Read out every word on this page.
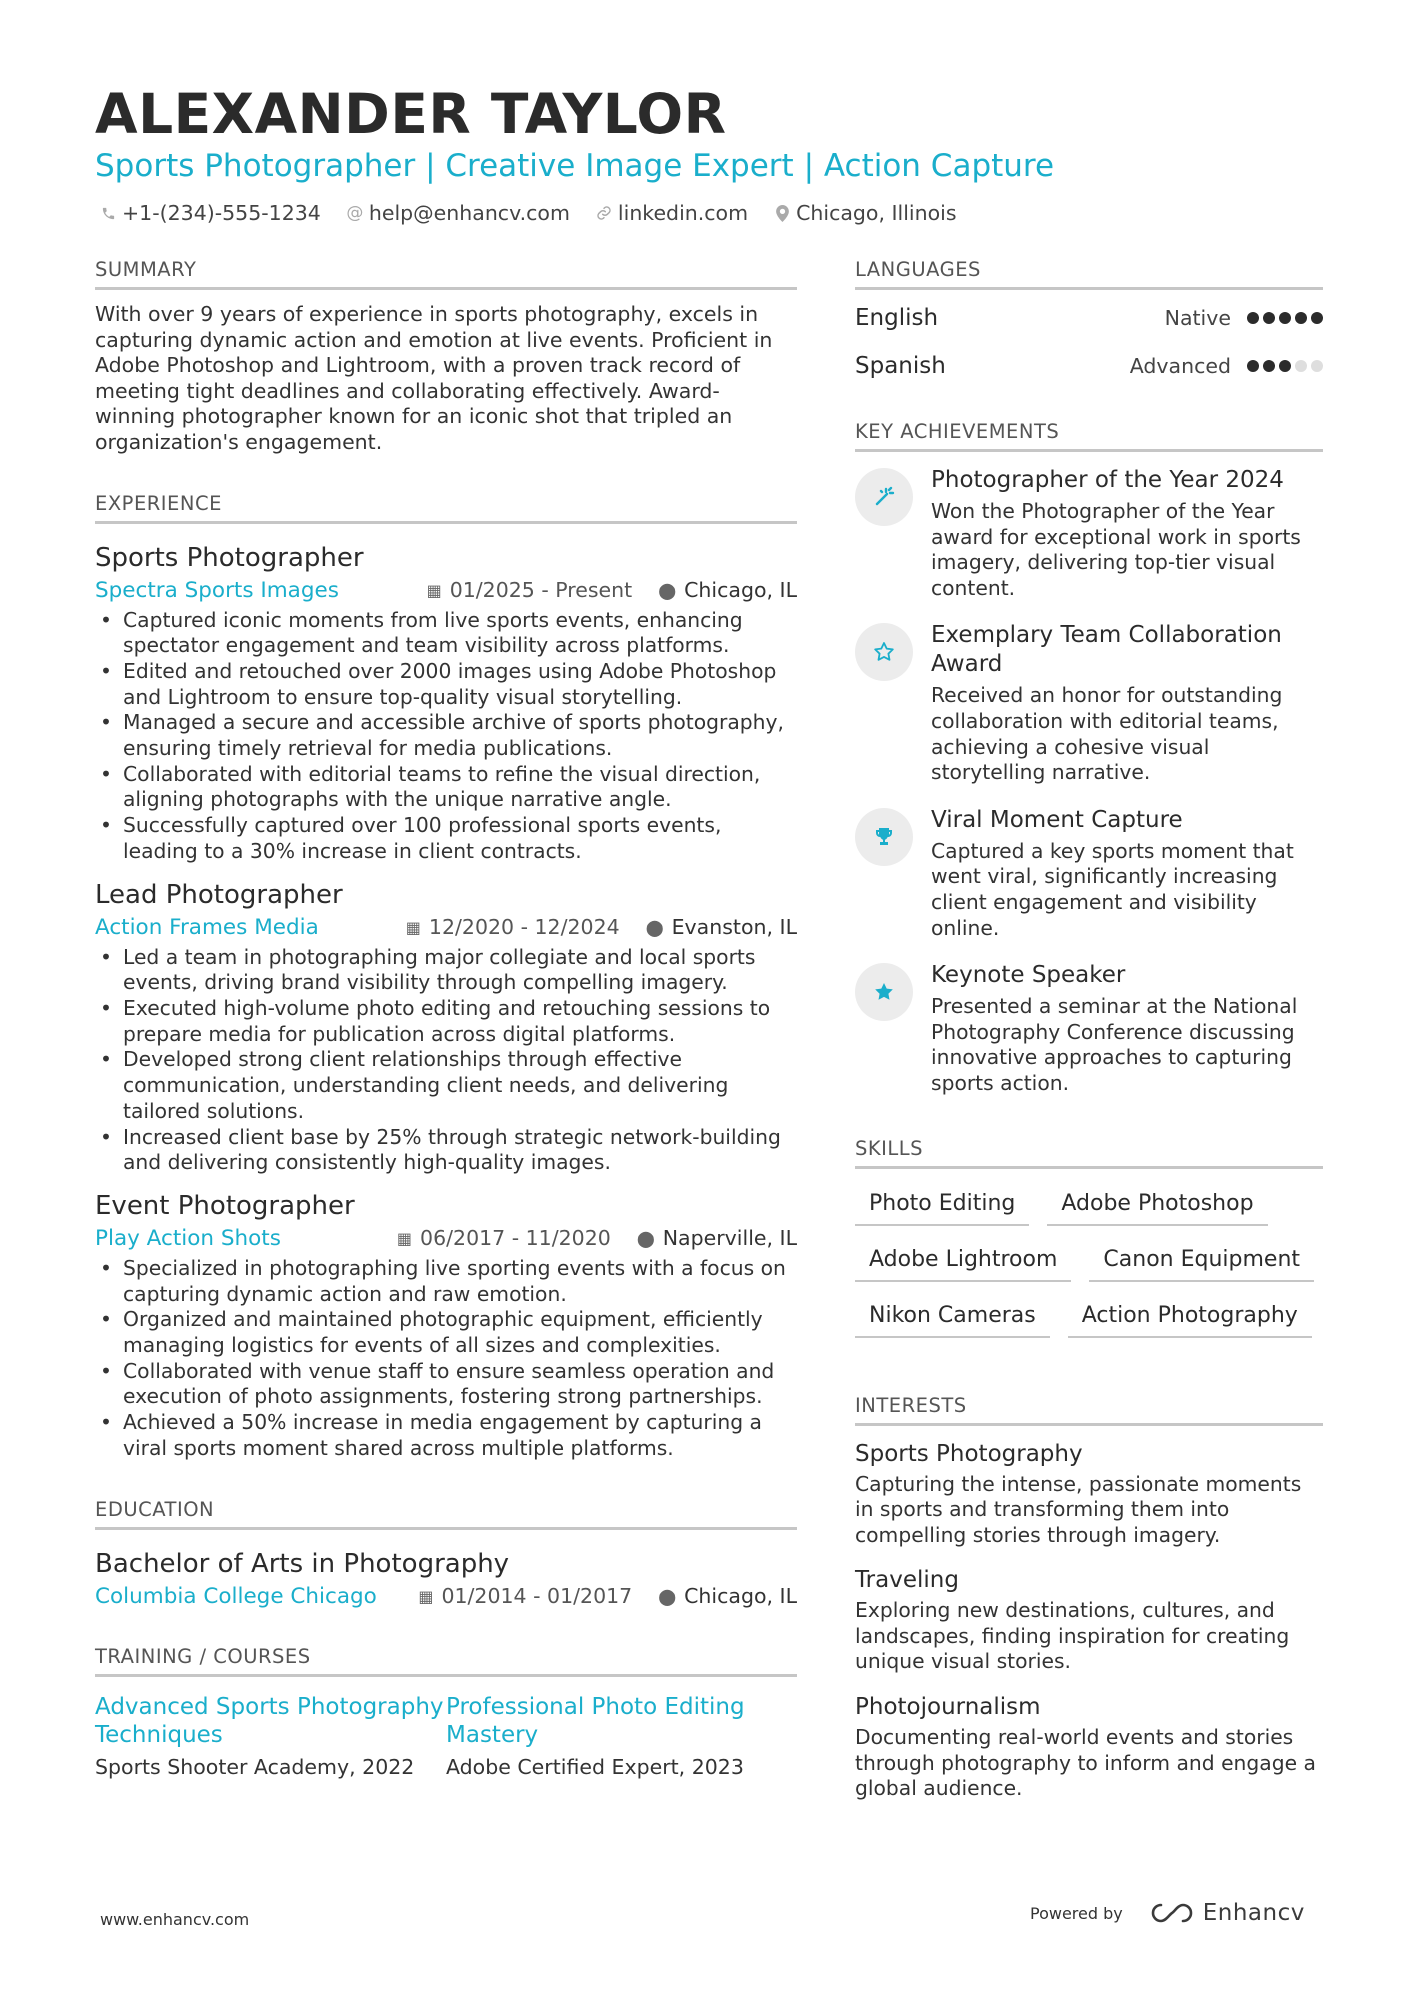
ALEXANDER TAYLOR
Sports Photographer | Creative Image Expert | Action Capture
+1-(234)-555-1234 @ help@enhancv.com linkedin.com Chicago, Illinois
SUMMARY

With over 9 years of experience in sports photography, excels in capturing dynamic action and emotion at live events. Proficient in Adobe Photoshop and Lightroom, with a proven track record of meeting tight deadlines and collaborating effectively. Award-winning photographer known for an iconic shot that tripled an organization's engagement.

EXPERIENCE
Sports Photographer
Spectra Sports Images	▦ 01/2025 - Present ⬤ Chicago, IL
• Captured iconic moments from live sports events, enhancing spectator engagement and team visibility across platforms.
• Edited and retouched over 2000 images using Adobe Photoshop and Lightroom to ensure top-quality visual storytelling.
• Managed a secure and accessible archive of sports photography, ensuring timely retrieval for media publications.
• Collaborated with editorial teams to refine the visual direction, aligning photographs with the unique narrative angle.
• Successfully captured over 100 professional sports events, leading to a 30% increase in client contracts.
Lead Photographer
Action Frames Media	▦ 12/2020 - 12/2024 ⬤ Evanston, IL
• Led a team in photographing major collegiate and local sports events, driving brand visibility through compelling imagery.
• Executed high-volume photo editing and retouching sessions to prepare media for publication across digital platforms.
• Developed strong client relationships through effective communication, understanding client needs, and delivering tailored solutions.
• Increased client base by 25% through strategic network-building and delivering consistently high-quality images.
Event Photographer
Play Action Shots	▦ 06/2017 - 11/2020 ⬤ Naperville, IL
• Specialized in photographing live sporting events with a focus on capturing dynamic action and raw emotion.
• Organized and maintained photographic equipment, efficiently managing logistics for events of all sizes and complexities.
• Collaborated with venue staff to ensure seamless operation and execution of photo assignments, fostering strong partnerships.
• Achieved a 50% increase in media engagement by capturing a viral sports moment shared across multiple platforms.
EDUCATION
Bachelor of Arts in Photography
Columbia College Chicago	▦ 01/2014 - 01/2017 ⬤ Chicago, IL
TRAINING / COURSES
Advanced Sports Photography Techniques
Sports Shooter Academy, 2022
Professional Photo Editing Mastery
Adobe Certified Expert, 2023
LANGUAGES
English	Native
Spanish	Advanced
KEY ACHIEVEMENTS
Photographer of the Year 2024
Won the Photographer of the Year award for exceptional work in sports imagery, delivering top-tier visual content.
Exemplary Team Collaboration Award
Received an honor for outstanding collaboration with editorial teams, achieving a cohesive visual storytelling narrative.
Viral Moment Capture
Captured a key sports moment that went viral, significantly increasing client engagement and visibility online.
Keynote Speaker
Presented a seminar at the National Photography Conference discussing innovative approaches to capturing sports action.
SKILLS
Photo Editing	Adobe Photoshop
Adobe Lightroom	Canon Equipment
Nikon Cameras	Action Photography
INTERESTS
Sports Photography
Capturing the intense, passionate moments in sports and transforming them into compelling stories through imagery.
Traveling
Exploring new destinations, cultures, and landscapes, finding inspiration for creating unique visual stories.
Photojournalism
Documenting real-world events and stories through photography to inform and engage a global audience.
www.enhancv.com	Powered by	Enhancv
